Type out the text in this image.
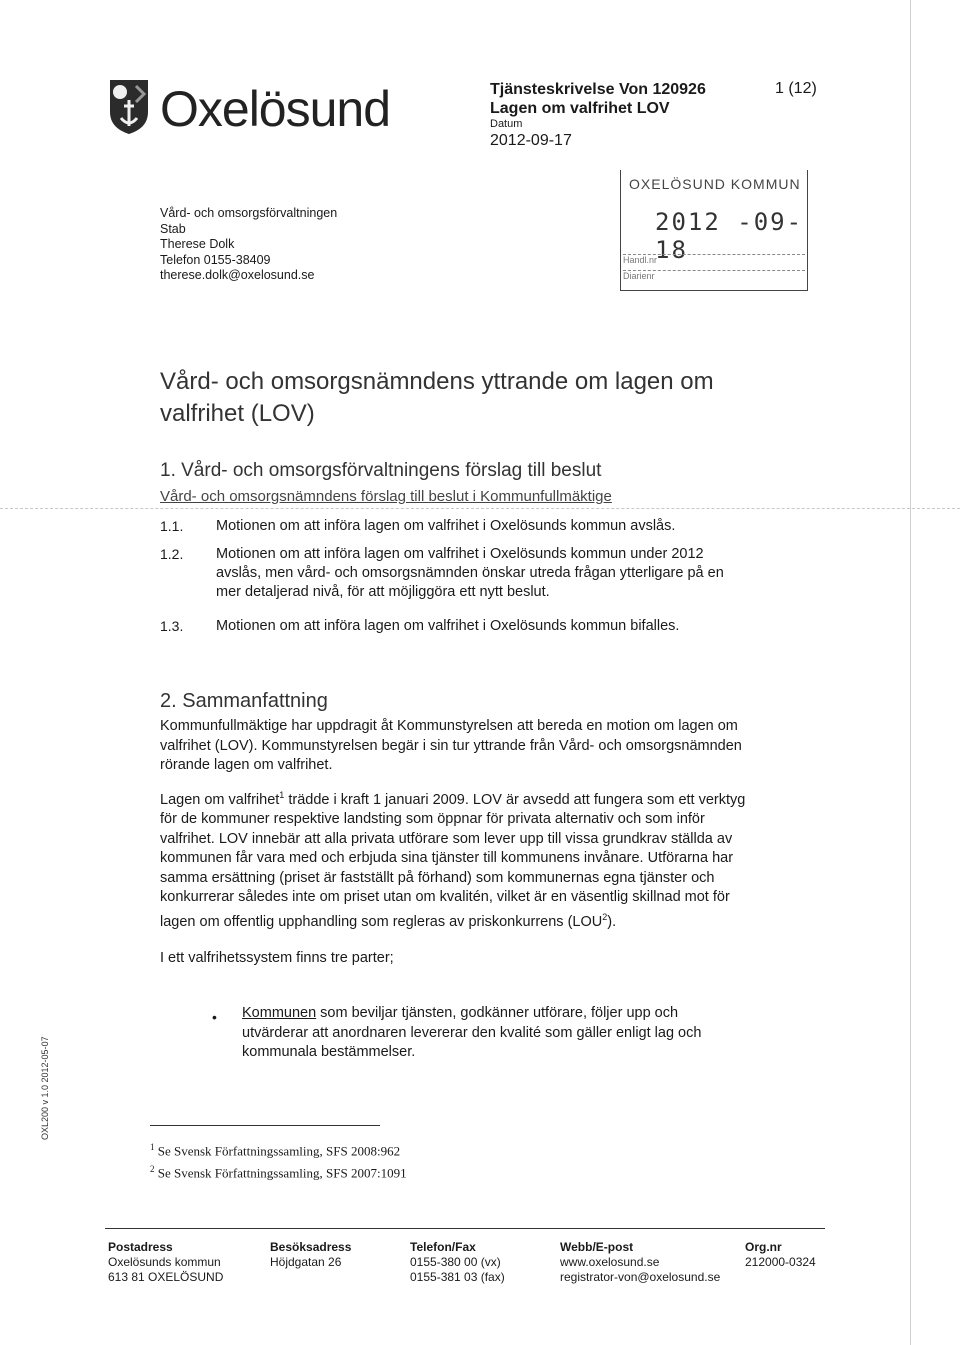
Oxelösund	Tjänsteskrivelse Von 120926
Lagen om valfrihet LOV
Datum
2012-09-17
1 (12)
Vård- och omsorgsförvaltningen
Stab
Therese Dolk
Telefon 0155-38409
therese.dolk@oxelosund.se
OXELÖSUND KOMMUN
2012 -09- 18
Handl.nr
Diarienr
Vård- och omsorgsnämndens yttrande om lagen om valfrihet (LOV)
1. Vård- och omsorgsförvaltningens förslag till beslut
Vård- och omsorgsnämndens förslag till beslut i Kommunfullmäktige
1.1. Motionen om att införa lagen om valfrihet i Oxelösunds kommun avslås.
1.2. Motionen om att införa lagen om valfrihet i Oxelösunds kommun under 2012 avslås, men vård- och omsorgsnämnden önskar utreda frågan ytterligare på en mer detaljerad nivå, för att möjliggöra ett nytt beslut.
1.3. Motionen om att införa lagen om valfrihet i Oxelösunds kommun bifalles.
2. Sammanfattning
Kommunfullmäktige har uppdragit åt Kommunstyrelsen att bereda en motion om lagen om valfrihet (LOV). Kommunstyrelsen begär i sin tur yttrande från Vård- och omsorgsnämnden rörande lagen om valfrihet.
Lagen om valfrihet$^1$ trädde i kraft 1 januari 2009. LOV är avsedd att fungera som ett verktyg för de kommuner respektive landsting som öppnar för privata alternativ och som inför valfrihet. LOV innebär att alla privata utförare som lever upp till vissa grundkrav ställda av kommunen får vara med och erbjuda sina tjänster till kommunens invånare. Utförarna har samma ersättning (priset är fastställt på förhand) som kommunernas egna tjänster och konkurrerar således inte om priset utan om kvalitén, vilket är en väsentlig skillnad mot för lagen om offentlig upphandling som regleras av priskonkurrens (LOU$^2$).
I ett valfrihetssystem finns tre parter;
• Kommunen som beviljar tjänsten, godkänner utförare, följer upp och utvärderar att anordnaren levererar den kvalité som gäller enligt lag och kommunala bestämmelser.
$^1$ Se Svensk Författningssamling, SFS 2008:962
$^2$ Se Svensk Författningssamling, SFS 2007:1091
OXL200 v 1.0 2012-05-07
Postadress
Oxelösunds kommun
613 81 OXELÖSUND
Besöksadress
Höjdgatan 26
Telefon/Fax
0155-380 00 (vx)
0155-381 03 (fax)
Webb/E-post
www.oxelosund.se
registrator-von@oxelosund.se
Org.nr
212000-0324
